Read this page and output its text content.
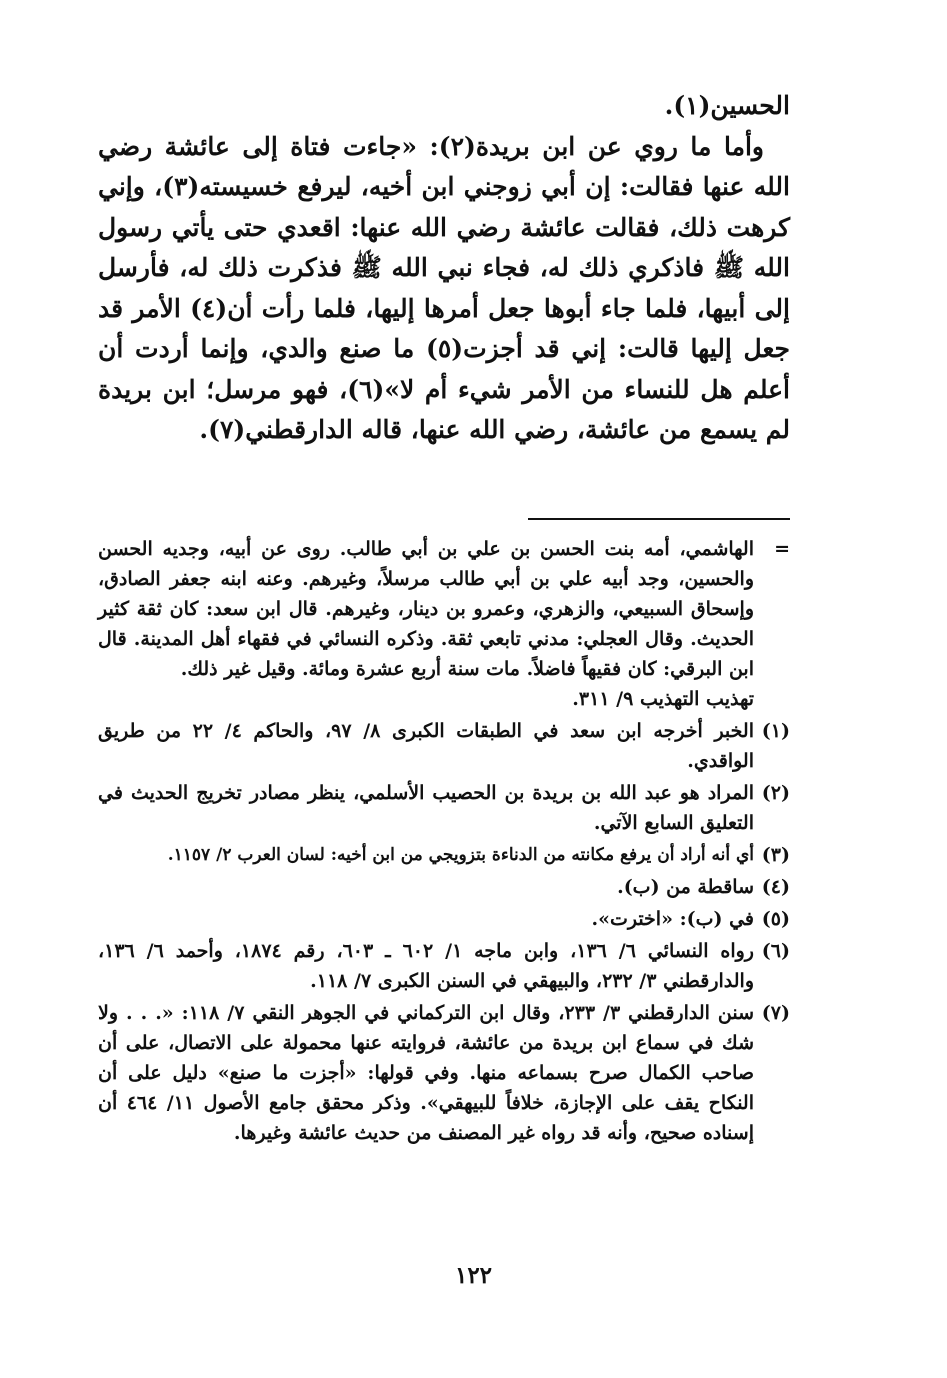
الحسين(١).

وأما ما روي عن ابن بريدة(٢): «جاءت فتاة إلى عائشة رضي الله عنها فقالت: إن أبي زوجني ابن أخيه، ليرفع خسيسته(٣)، وإني كرهت ذلك، فقالت عائشة رضي الله عنها: اقعدي حتى يأتي رسول الله ﷺ فاذكري ذلك له، فجاء نبي الله ﷺ فذكرت ذلك له، فأرسل إلى أبيها، فلما جاء أبوها جعل أمرها إليها، فلما رأت أن(٤) الأمر قد جعل إليها قالت: إني قد أجزت(٥) ما صنع والدي، وإنما أردت أن أعلم هل للنساء من الأمر شيء أم لا»(٦)، فهو مرسل؛ ابن بريدة لم يسمع من عائشة، رضي الله عنها، قاله الدارقطني(٧).

=
الهاشمي، أمه بنت الحسن بن علي بن أبي طالب. روى عن أبيه، وجديه الحسن والحسين، وجد أبيه علي بن أبي طالب مرسلاً، وغيرهم. وعنه ابنه جعفر الصادق، وإسحاق السبيعي، والزهري، وعمرو بن دينار، وغيرهم. قال ابن سعد: كان ثقة كثير الحديث. وقال العجلي: مدني تابعي ثقة. وذكره النسائي في فقهاء أهل المدينة. قال ابن البرقي: كان فقيهاً فاضلاً. مات سنة أربع عشرة ومائة. وقيل غير ذلك.
تهذيب التهذيب ٩/ ٣١١.
(١)
الخبر أخرجه ابن سعد في الطبقات الكبرى ٨/ ٩٧، والحاكم ٤/ ٢٢ من طريق الواقدي.
(٢)
المراد هو عبد الله بن بريدة بن الحصيب الأسلمي، ينظر مصادر تخريج الحديث في التعليق السابع الآتي.
(٣)
أي أنه أراد أن يرفع مكانته من الدناءة بتزويجي من ابن أخيه: لسان العرب ٢/ ١١٥٧.
(٤)
ساقطة من (ب).
(٥)
في (ب): «اخترت».
(٦)
رواه النسائي ٦/ ١٣٦، وابن ماجه ١/ ٦٠٢ ـ ٦٠٣، رقم ١٨٧٤، وأحمد ٦/ ١٣٦، والدارقطني ٣/ ٢٣٢، والبيهقي في السنن الكبرى ٧/ ١١٨.
(٧)
سنن الدارقطني ٣/ ٢٣٣، وقال ابن التركماني في الجوهر النقي ٧/ ١١٨: «. . . ولا شك في سماع ابن بريدة من عائشة، فروايته عنها محمولة على الاتصال، على أن صاحب الكمال صرح بسماعه منها. وفي قولها: «أجزت ما صنع» دليل على أن النكاح يقف على الإجازة، خلافاً للبيهقي». وذكر محقق جامع الأصول ١١/ ٤٦٤ أن إسناده صحيح، وأنه قد رواه غير المصنف من حديث عائشة وغيرها.
١٢٢
